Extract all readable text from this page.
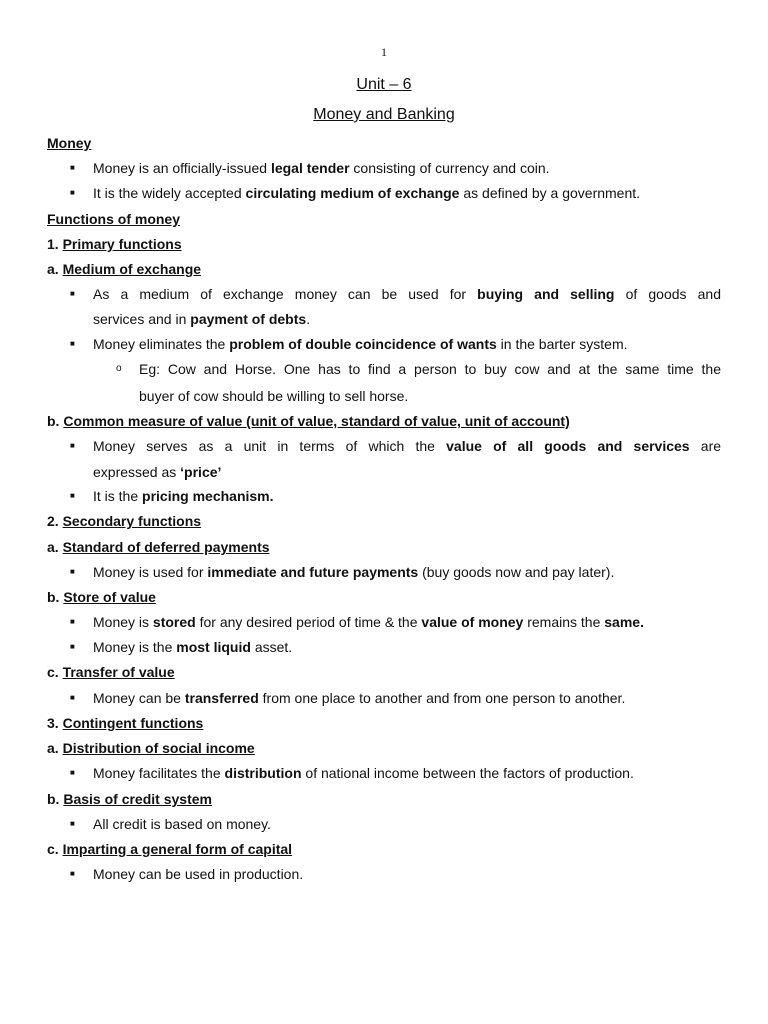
1
Unit – 6
Money and Banking
Money
■ Money is an officially-issued legal tender consisting of currency and coin.
■ It is the widely accepted circulating medium of exchange as defined by a government.
Functions of money
1. Primary functions
a. Medium of exchange
■ As a medium of exchange money can be used for buying and selling of goods and
services and in payment of debts.
■ Money eliminates the problem of double coincidence of wants in the barter system.
o Eg: Cow and Horse. One has to find a person to buy cow and at the same time the
buyer of cow should be willing to sell horse.
b. Common measure of value (unit of value, standard of value, unit of account)
■ Money serves as a unit in terms of which the value of all goods and services are
expressed as ‘price’
■ It is the pricing mechanism.
2. Secondary functions
a. Standard of deferred payments
■ Money is used for immediate and future payments (buy goods now and pay later).
b. Store of value
■ Money is stored for any desired period of time & the value of money remains the same.
■ Money is the most liquid asset.
c. Transfer of value
■ Money can be transferred from one place to another and from one person to another.
3. Contingent functions
a. Distribution of social income
■ Money facilitates the distribution of national income between the factors of production.
b. Basis of credit system
■ All credit is based on money.
c. Imparting a general form of capital
■ Money can be used in production.
